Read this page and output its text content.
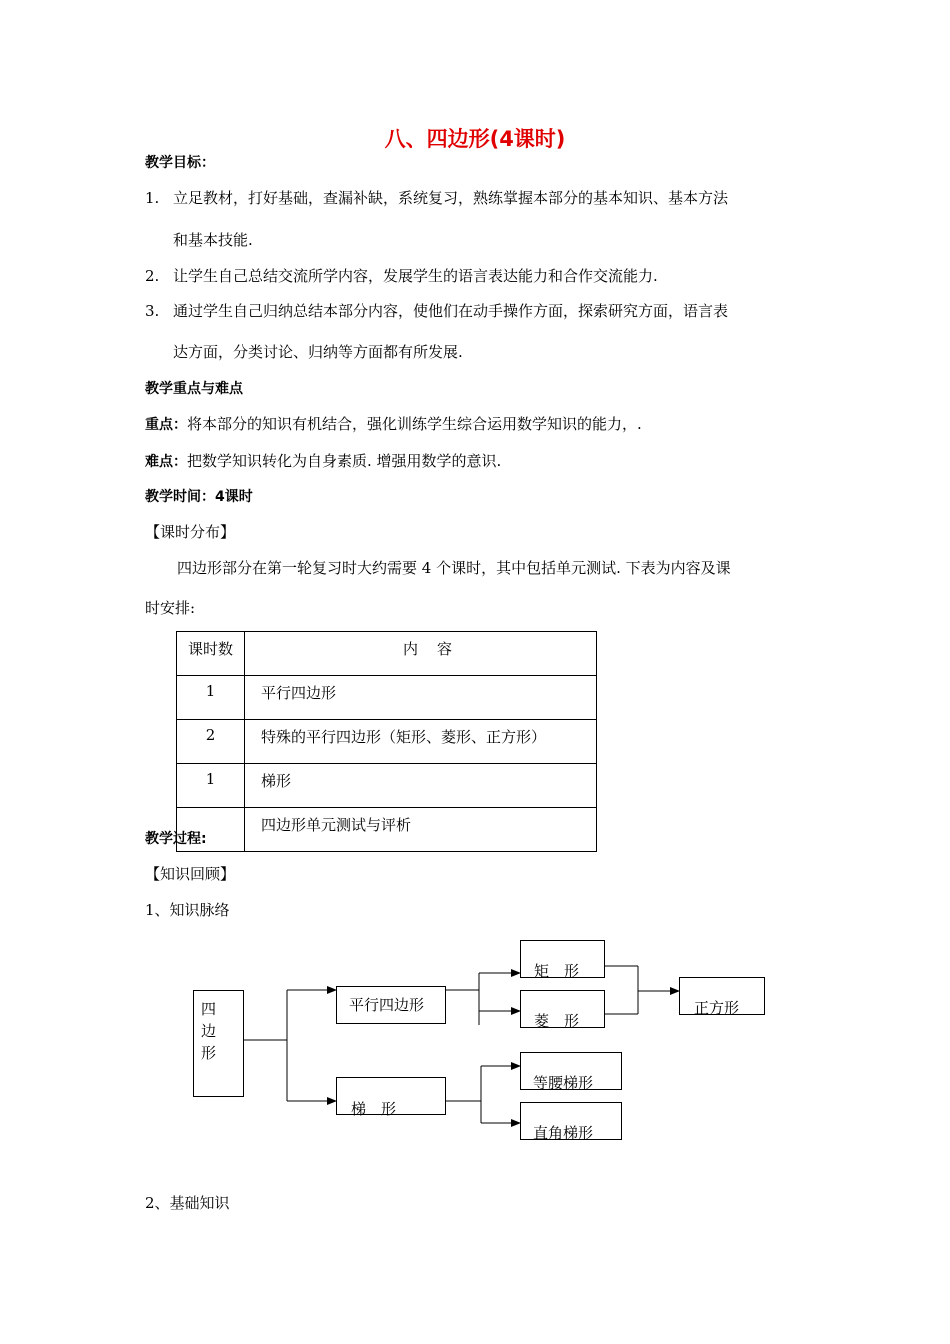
八、四边形(4课时)
教学目标：
1. 立足教材，打好基础，查漏补缺，系统复习，熟练掌握本部分的基本知识、基本方法
和基本技能.
2. 让学生自己总结交流所学内容，发展学生的语言表达能力和合作交流能力.
3. 通过学生自己归纳总结本部分内容，使他们在动手操作方面，探索研究方面，语言表
达方面，分类讨论、归纳等方面都有所发展.
教学重点与难点
重点：将本部分的知识有机结合，强化训练学生综合运用数学知识的能力，.
难点：把数学知识转化为自身素质. 增强用数学的意识.
教学时间：4课时
【课时分布】
四边形部分在第一轮复习时大约需要 4 个课时，其中包括单元测试. 下表为内容及课
时安排:
课时数	内　容
1	平行四边形
2	特殊的平行四边形（矩形、菱形、正方形）
1	梯形
	四边形单元测试与评析
教学过程:
【知识回顾】
1、知识脉络
四
边
形
平行四边形
梯　形
矩　形
菱　形
正方形
等腰梯形
直角梯形
2、基础知识
